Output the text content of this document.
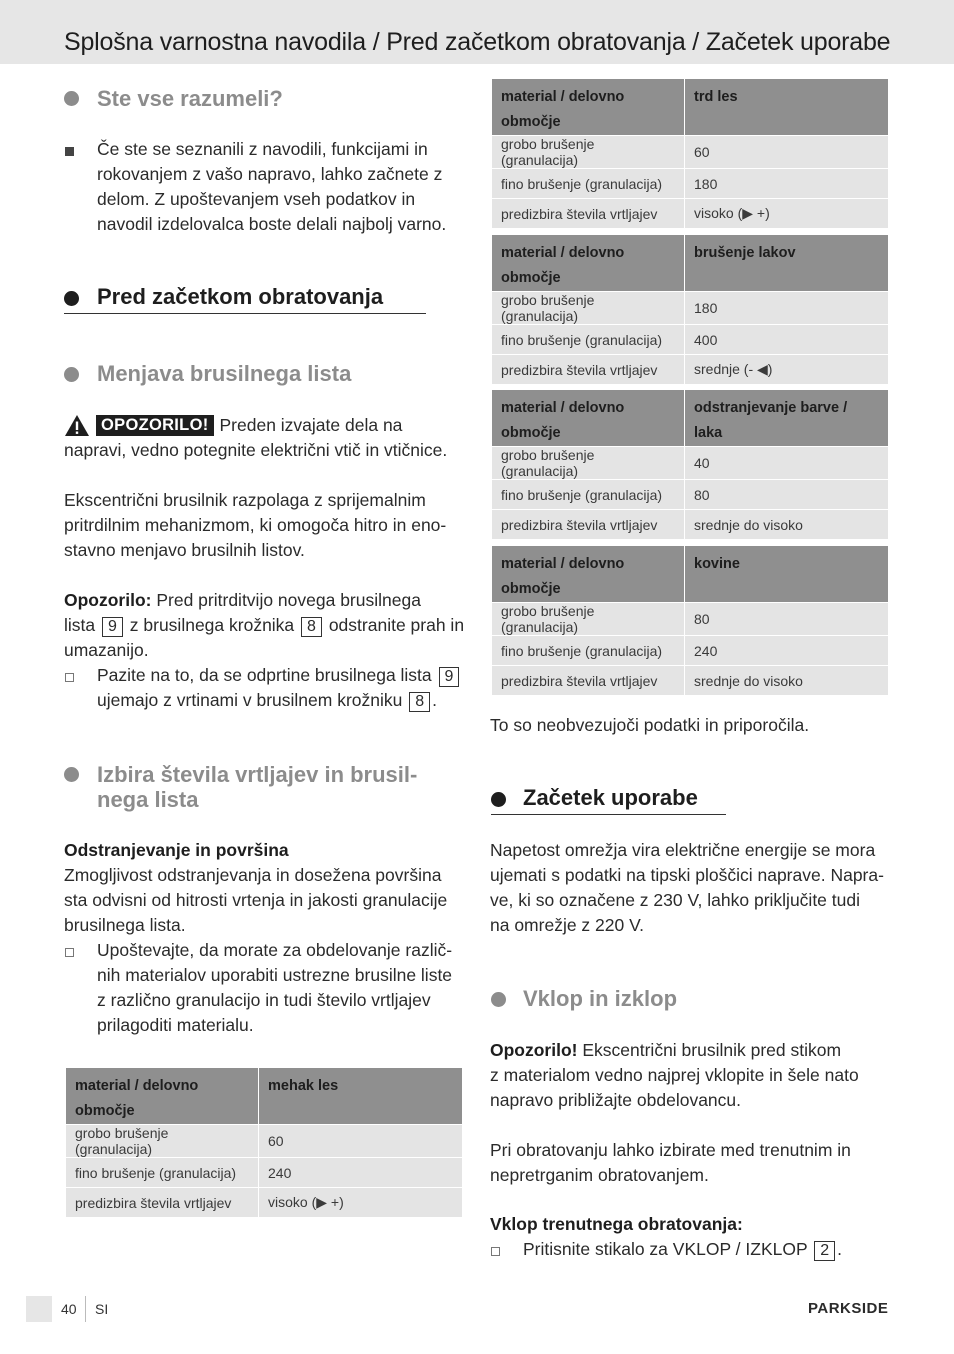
Splošna varnostna navodila / Pred začetkom obratovanja / Začetek uporabe
Ste vse razumeli?
Če ste se seznanili z navodili, funkcijami in rokovanjem z vašo napravo, lahko začnete z delom. Z upoštevanjem vseh podatkov in navodil izdelovalca boste delali najbolj varno.
Pred začetkom obratovanja
Menjava brusilnega lista
OPOZORILO! Preden izvajate dela na
napravi, vedno potegnite električni vtič in vtičnice.
Ekscentrični brusilnik razpolaga z sprijemalnim
pritrdilnim mehanizmom, ki omogoča hitro in eno-
stavno menjavo brusilnih listov.
Opozorilo: Pred pritrditvijo novega brusilnega
lista 9 z brusilnega krožnika 8 odstranite prah in
umazanijo.
Pazite na to, da se odprtine brusilnega lista 9
ujemajo z vrtinami v brusilnem krožniku 8 .
Izbira števila vrtljajev in brusil-
nega lista
Odstranjevanje in površina
Zmogljivost odstranjevanja in dosežena površina
sta odvisni od hitrosti vrtenja in jakosti granulacije
brusilnega lista.
Upoštevajte, da morate za obdelovanje različ-
nih materialov uporabiti ustrezne brusilne liste
z različno granulacijo in tudi število vrtljajev
prilagoditi materialu.
material / delovno
območje	mehak les
grobo brušenje (granulacija)	60
fino brušenje (granulacija)	240
predizbira števila vrtljajev	visoko (▶ +)
material / delovno
območje	trd les
grobo brušenje (granulacija)	60
fino brušenje (granulacija)	180
predizbira števila vrtljajev	visoko (▶ +)
material / delovno
območje	brušenje lakov
grobo brušenje (granulacija)	180
fino brušenje (granulacija)	400
predizbira števila vrtljajev	srednje (- ◀)
material / delovno
območje	odstranjevanje barve /
laka
grobo brušenje (granulacija)	40
fino brušenje (granulacija)	80
predizbira števila vrtljajev	srednje do visoko
material / delovno
območje	kovine
grobo brušenje (granulacija)	80
fino brušenje (granulacija)	240
predizbira števila vrtljajev	srednje do visoko
To so neobvezujoči podatki in priporočila.
Začetek uporabe
Napetost omrežja vira električne energije se mora
ujemati s podatki na tipski ploščici naprave. Napra-
ve, ki so označene z 230 V, lahko priključite tudi
na omrežje z 220 V.
Vklop in izklop
Opozorilo! Ekscentrični brusilnik pred stikom
z materialom vedno najprej vklopite in šele nato
napravo približajte obdelovancu.
Pri obratovanju lahko izbirate med trenutnim in
nepretrganim obratovanjem.
Vklop trenutnega obratovanja:
Pritisnite stikalo za VKLOP / IZKLOP 2 .
40 SI	PARKSIDE
